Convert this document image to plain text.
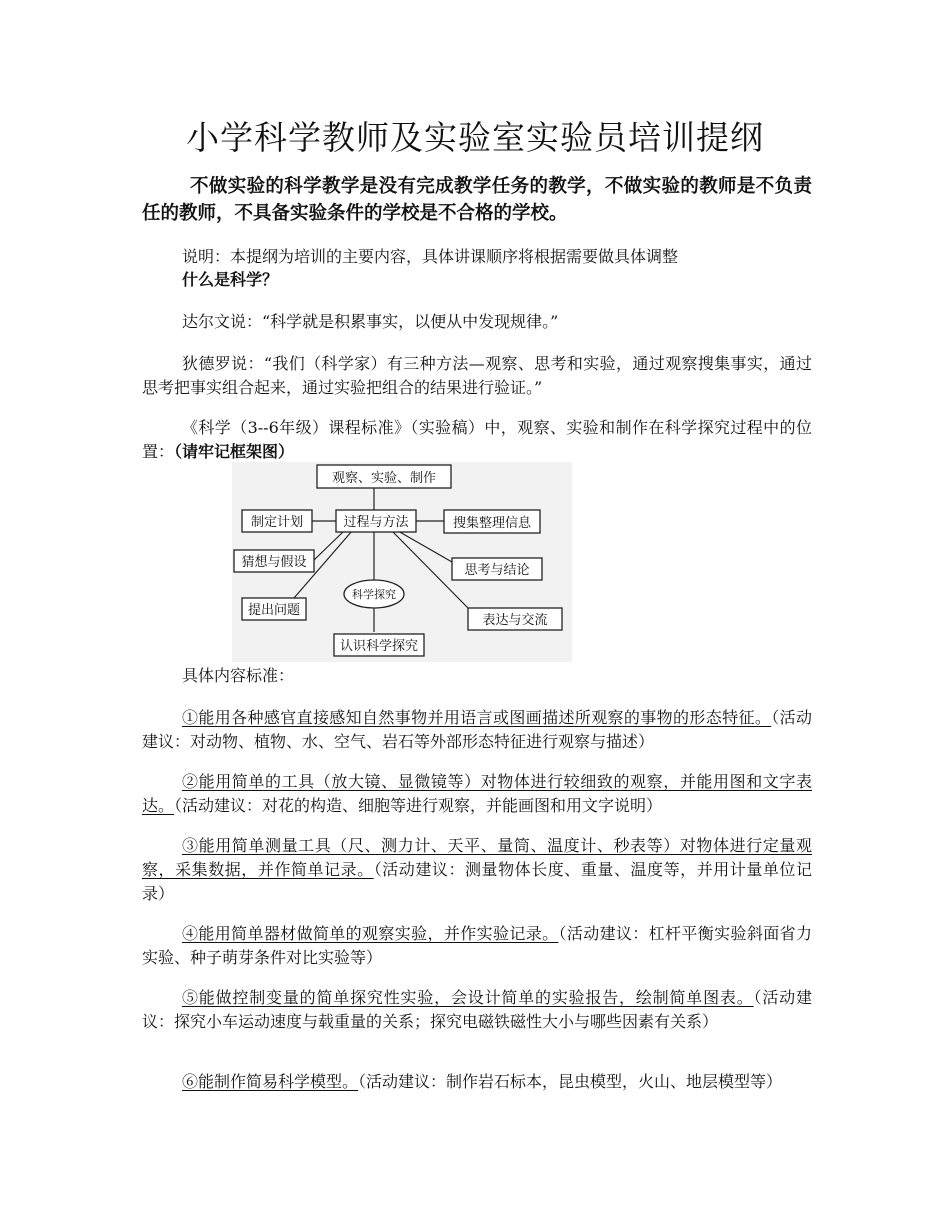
小学科学教师及实验室实验员培训提纲
不做实验的科学教学是没有完成教学任务的教学，不做实验的教师是不负责任的教师，不具备实验条件的学校是不合格的学校。
说明：本提纲为培训的主要内容，具体讲课顺序将根据需要做具体调整
什么是科学？
达尔文说：“科学就是积累事实，以便从中发现规律。”
狄德罗说：“我们（科学家）有三种方法—观察、思考和实验，通过观察搜集事实，通过思考把事实组合起来，通过实验把组合的结果进行验证。”
《科学（3--6年级）课程标准》（实验稿）中，观察、实验和制作在科学探究过程中的位置：（请牢记框架图）
观察、实验、制作
过程与方法
制定计划
猜想与假设
提出问题
搜集整理信息
思考与结论
表达与交流
科学探究
认识科学探究
具体内容标准：
①能用各种感官直接感知自然事物并用语言或图画描述所观察的事物的形态特征。（活动建议：对动物、植物、水、空气、岩石等外部形态特征进行观察与描述）
②能用简单的工具（放大镜、显微镜等）对物体进行较细致的观察，并能用图和文字表达。（活动建议：对花的构造、细胞等进行观察，并能画图和用文字说明）
③能用简单测量工具（尺、测力计、天平、量筒、温度计、秒表等）对物体进行定量观察，采集数据，并作简单记录。（活动建议：测量物体长度、重量、温度等，并用计量单位记录）
④能用简单器材做简单的观察实验，并作实验记录。（活动建议：杠杆平衡实验斜面省力实验、种子萌芽条件对比实验等）
⑤能做控制变量的简单探究性实验，会设计简单的实验报告，绘制简单图表。（活动建议：探究小车运动速度与载重量的关系；探究电磁铁磁性大小与哪些因素有关系）
⑥能制作简易科学模型。（活动建议：制作岩石标本，昆虫模型，火山、地层模型等）
